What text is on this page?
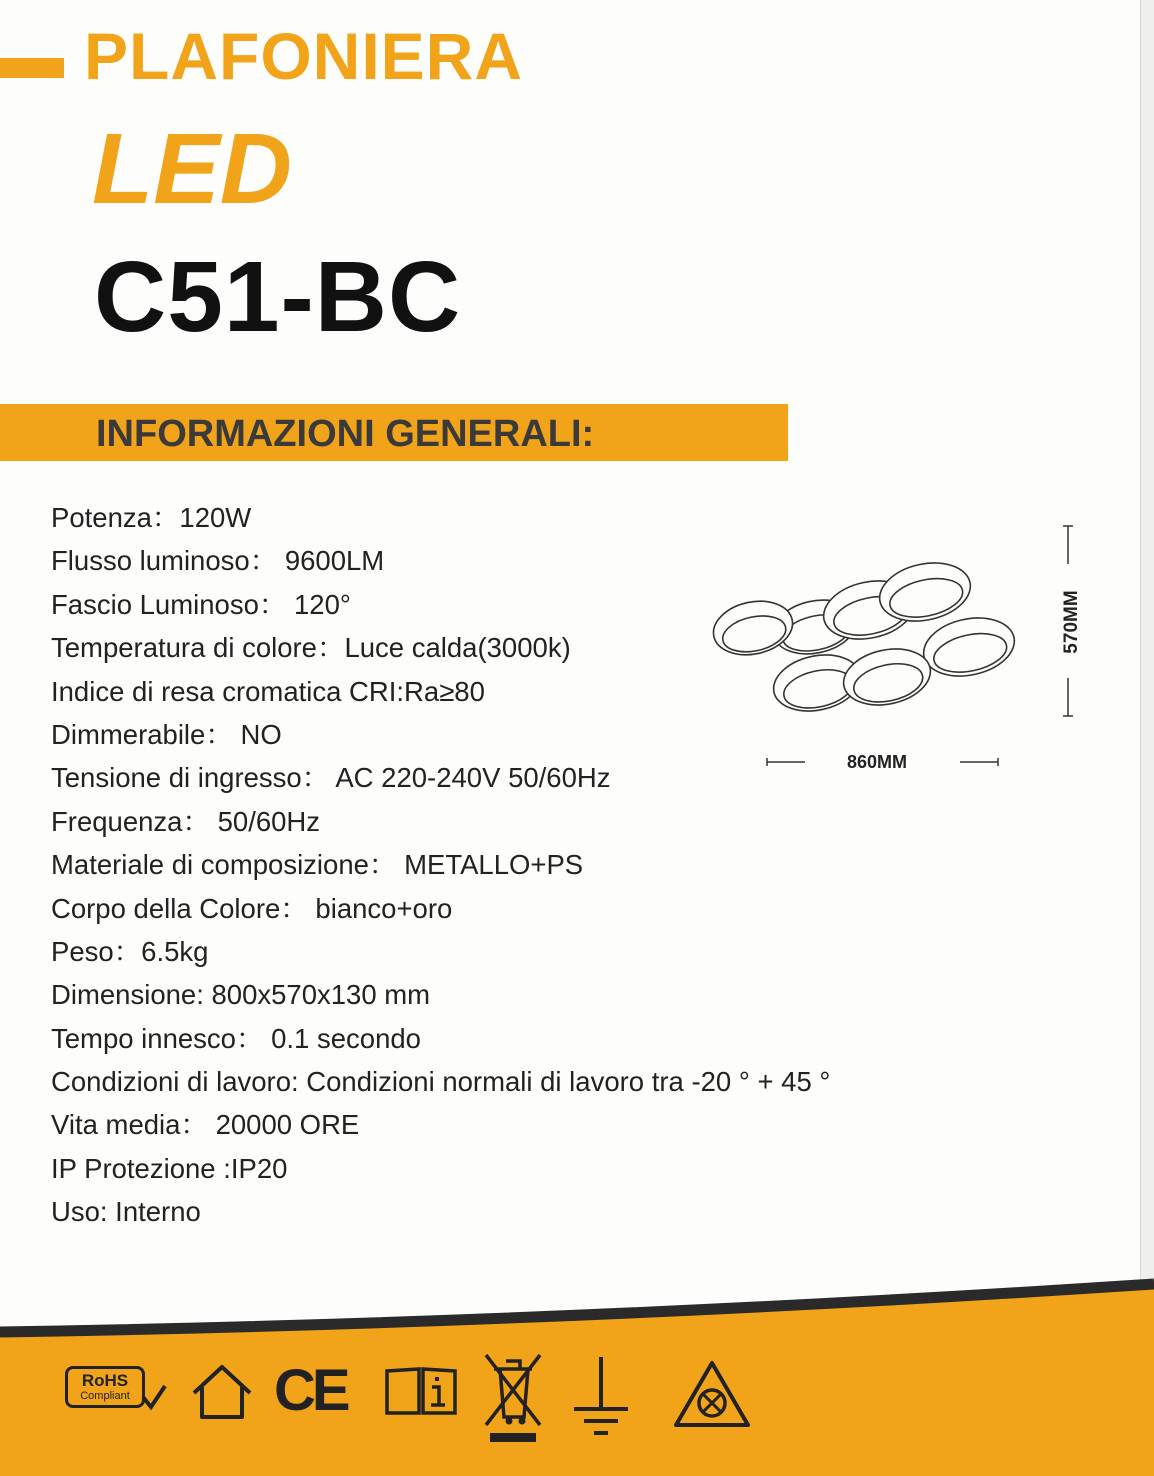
PLAFONIERA
LED
C51-BC
INFORMAZIONI GENERALI:
Potenza：120W
Flusso luminoso： 9600LM
Fascio Luminoso： 120°
Temperatura di colore：Luce calda(3000k)
Indice di resa cromatica CRI:Ra≥80
Dimmerabile： NO
Tensione di ingresso： AC 220-240V 50/60Hz
Frequenza： 50/60Hz
Materiale di composizione： METALLO+PS
Corpo della Colore： bianco+oro
Peso：6.5kg
Dimensione: 800x570x130 mm
Tempo innesco： 0.1 secondo
Condizioni di lavoro: Condizioni normali di lavoro tra -20 ° + 45 °
Vita media： 20000 ORE
IP Protezione :IP20
Uso: Interno
570MM
860MM
RoHS
Compliant CE
